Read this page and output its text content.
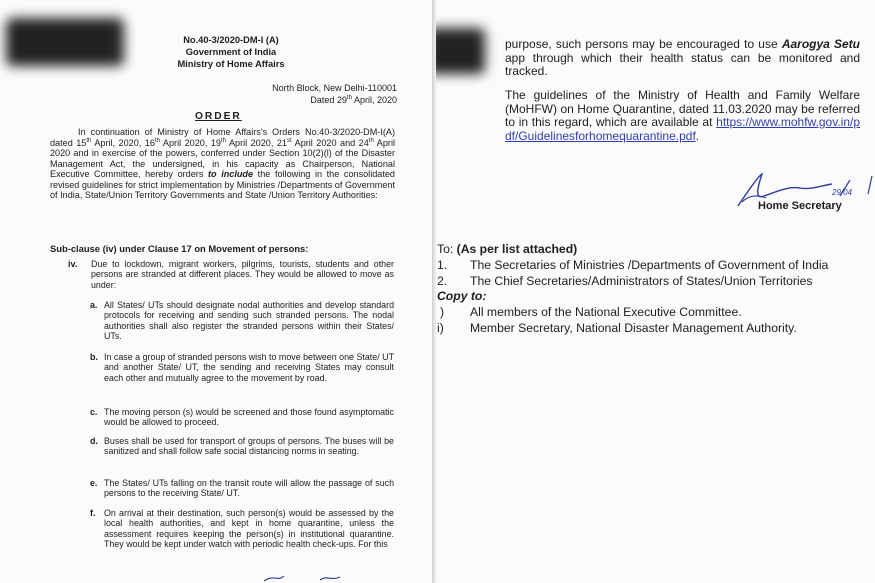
No.40-3/2020-DM-I (A)
Government of India
Ministry of Home Affairs
North Block, New Delhi-110001
Dated 29th April, 2020
ORDER
In continuation of Ministry of Home Affairs's Orders No.40-3/2020-DM-I(A) dated 15th April, 2020, 16th April 2020, 19th April 2020, 21st April 2020 and 24th April 2020 and in exercise of the powers, conferred under Section 10(2)(l) of the Disaster Management Act, the undersigned, in his capacity as Chairperson, National Executive Committee, hereby orders to include the following in the consolidated revised guidelines for strict implementation by Ministries /Departments of Government of India, State/Union Territory Governments and State /Union Territory Authorities:
Sub-clause (iv) under Clause 17 on Movement of persons:
iv. Due to lockdown, migrant workers, pilgrims, tourists, students and other persons are stranded at different places. They would be allowed to move as under:
a. All States/ UTs should designate nodal authorities and develop standard protocols for receiving and sending such stranded persons. The nodal authorities shall also register the stranded persons within their States/ UTs.
b. In case a group of stranded persons wish to move between one State/ UT and another State/ UT, the sending and receiving States may consult each other and mutually agree to the movement by road.
c. The moving person (s) would be screened and those found asymptomatic would be allowed to proceed.
d. Buses shall be used for transport of groups of persons. The buses will be sanitized and shall follow safe social distancing norms in seating.
e. The States/ UTs falling on the transit route will allow the passage of such persons to the receiving State/ UT.
f. On arrival at their destination, such person(s) would be assessed by the local health authorities, and kept in home quarantine, unless the assessment requires keeping the person(s) in institutional quarantine. They would be kept under watch with periodic health check-ups. For this
purpose, such persons may be encouraged to use Aarogya Setu app through which their health status can be monitored and tracked.
The guidelines of the Ministry of Health and Family Welfare (MoHFW) on Home Quarantine, dated 11.03.2020 may be referred to in this regard, which are available at https://www.mohfw.gov.in/pdf/Guidelinesforhomequarantine.pdf.
29/04
Home Secretary
To: (As per list attached)
1. The Secretaries of Ministries /Departments of Government of India
2. The Chief Secretaries/Administrators of States/Union Territories
Copy to:
) All members of the National Executive Committee.
i) Member Secretary, National Disaster Management Authority.
